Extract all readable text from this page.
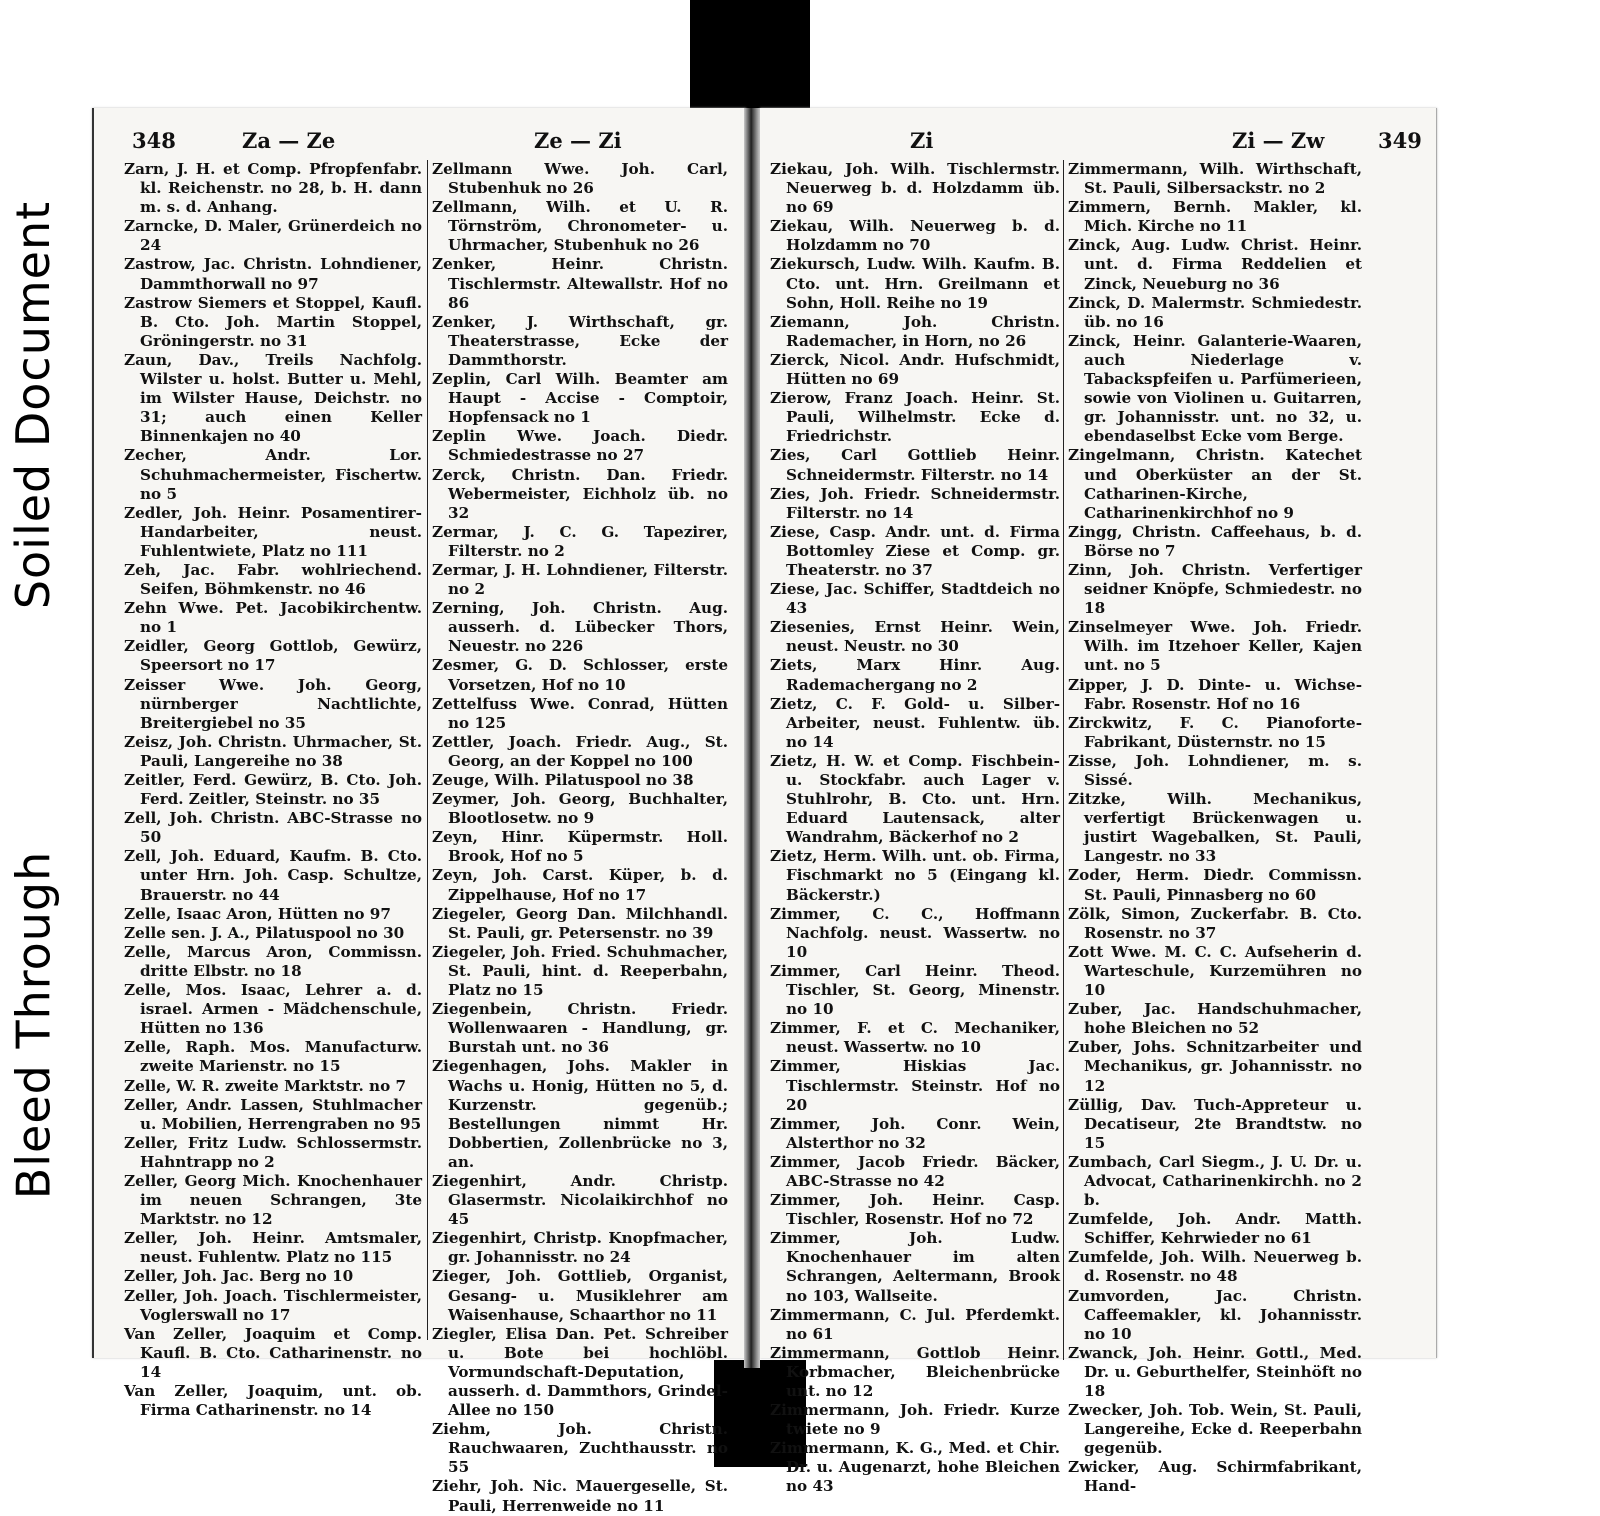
Soiled Document
Bleed Through
348	Za — Ze	Ze — Zi
Zarn, J. H. et Comp. Pfropfenfabr. kl. Reichenstr. no 28, b. H. dann m. s. d. Anhang.
Zarncke, D. Maler, Grünerdeich no 24
Zastrow, Jac. Christn. Lohndiener, Dammthorwall no 97
Zastrow Siemers et Stoppel, Kaufl. B. Cto. Joh. Martin Stoppel, Gröningerstr. no 31
Zaun, Dav., Treils Nachfolg. Wilster u. holst. Butter u. Mehl, im Wilster Hause, Deichstr. no 31; auch einen Keller Binnenkajen no 40
Zecher, Andr. Lor. Schuhmachermeister, Fischertw. no 5
Zedler, Joh. Heinr. Posamentirer-Handarbeiter, neust. Fuhlentwiete, Platz no 111
Zeh, Jac. Fabr. wohlriechend. Seifen, Böhmkenstr. no 46
Zehn Wwe. Pet. Jacobikirchentw. no 1
Zeidler, Georg Gottlob, Gewürz, Speersort no 17
Zeisser Wwe. Joh. Georg, nürnberger Nachtlichte, Breitergiebel no 35
Zeisz, Joh. Christn. Uhrmacher, St. Pauli, Langereihe no 38
Zeitler, Ferd. Gewürz, B. Cto. Joh. Ferd. Zeitler, Steinstr. no 35
Zell, Joh. Christn. ABC-Strasse no 50
Zell, Joh. Eduard, Kaufm. B. Cto. unter Hrn. Joh. Casp. Schultze, Brauerstr. no 44
Zelle, Isaac Aron, Hütten no 97
Zelle sen. J. A., Pilatuspool no 30
Zelle, Marcus Aron, Commissn. dritte Elbstr. no 18
Zelle, Mos. Isaac, Lehrer a. d. israel. Armen - Mädchenschule, Hütten no 136
Zelle, Raph. Mos. Manufacturw. zweite Marienstr. no 15
Zelle, W. R. zweite Marktstr. no 7
Zeller, Andr. Lassen, Stuhlmacher u. Mobilien, Herrengraben no 95
Zeller, Fritz Ludw. Schlossermstr. Hahntrapp no 2
Zeller, Georg Mich. Knochenhauer im neuen Schrangen, 3te Marktstr. no 12
Zeller, Joh. Heinr. Amtsmaler, neust. Fuhlentw. Platz no 115
Zeller, Joh. Jac. Berg no 10
Zeller, Joh. Joach. Tischlermeister, Voglerswall no 17
Van Zeller, Joaquim et Comp. Kaufl. B. Cto. Catharinenstr. no 14
Van Zeller, Joaquim, unt. ob. Firma Catharinenstr. no 14
Zellmann Wwe. Joh. Carl, Stubenhuk no 26
Zellmann, Wilh. et U. R. Törnström, Chronometer- u. Uhrmacher, Stubenhuk no 26
Zenker, Heinr. Christn. Tischlermstr. Altewallstr. Hof no 86
Zenker, J. Wirthschaft, gr. Theaterstrasse, Ecke der Dammthorstr.
Zeplin, Carl Wilh. Beamter am Haupt - Accise - Comptoir, Hopfensack no 1
Zeplin Wwe. Joach. Diedr. Schmiedestrasse no 27
Zerck, Christn. Dan. Friedr. Webermeister, Eichholz üb. no 32
Zermar, J. C. G. Tapezirer, Filterstr. no 2
Zermar, J. H. Lohndiener, Filterstr. no 2
Zerning, Joh. Christn. Aug. ausserh. d. Lübecker Thors, Neuestr. no 226
Zesmer, G. D. Schlosser, erste Vorsetzen, Hof no 10
Zettelfuss Wwe. Conrad, Hütten no 125
Zettler, Joach. Friedr. Aug., St. Georg, an der Koppel no 100
Zeuge, Wilh. Pilatuspool no 38
Zeymer, Joh. Georg, Buchhalter, Blootlosetw. no 9
Zeyn, Hinr. Küpermstr. Holl. Brook, Hof no 5
Zeyn, Joh. Carst. Küper, b. d. Zippelhause, Hof no 17
Ziegeler, Georg Dan. Milchhandl. St. Pauli, gr. Petersenstr. no 39
Ziegeler, Joh. Fried. Schuhmacher, St. Pauli, hint. d. Reeperbahn, Platz no 15
Ziegenbein, Christn. Friedr. Wollenwaaren - Handlung, gr. Burstah unt. no 36
Ziegenhagen, Johs. Makler in Wachs u. Honig, Hütten no 5, d. Kurzenstr. gegenüb.; Bestellungen nimmt Hr. Dobbertien, Zollenbrücke no 3, an.
Ziegenhirt, Andr. Christp. Glasermstr. Nicolaikirchhof no 45
Ziegenhirt, Christp. Knopfmacher, gr. Johannisstr. no 24
Zieger, Joh. Gottlieb, Organist, Gesang- u. Musiklehrer am Waisenhause, Schaarthor no 11
Ziegler, Elisa Dan. Pet. Schreiber u. Bote bei hochlöbl. Vormundschaft-Deputation, ausserh. d. Dammthors, Grindel-Allee no 150
Ziehm, Joh. Christn. Rauchwaaren, Zuchthausstr. no 55
Ziehr, Joh. Nic. Mauergeselle, St. Pauli, Herrenweide no 11
Zi	Zi — Zw	349
Ziekau, Joh. Wilh. Tischlermstr. Neuerweg b. d. Holzdamm üb. no 69
Ziekau, Wilh. Neuerweg b. d. Holzdamm no 70
Ziekursch, Ludw. Wilh. Kaufm. B. Cto. unt. Hrn. Greilmann et Sohn, Holl. Reihe no 19
Ziemann, Joh. Christn. Rademacher, in Horn, no 26
Zierck, Nicol. Andr. Hufschmidt, Hütten no 69
Zierow, Franz Joach. Heinr. St. Pauli, Wilhelmstr. Ecke d. Friedrichstr.
Zies, Carl Gottlieb Heinr. Schneidermstr. Filterstr. no 14
Zies, Joh. Friedr. Schneidermstr. Filterstr. no 14
Ziese, Casp. Andr. unt. d. Firma Bottomley Ziese et Comp. gr. Theaterstr. no 37
Ziese, Jac. Schiffer, Stadtdeich no 43
Ziesenies, Ernst Heinr. Wein, neust. Neustr. no 30
Ziets, Marx Hinr. Aug. Rademachergang no 2
Zietz, C. F. Gold- u. Silber-Arbeiter, neust. Fuhlentw. üb. no 14
Zietz, H. W. et Comp. Fischbein- u. Stockfabr. auch Lager v. Stuhlrohr, B. Cto. unt. Hrn. Eduard Lautensack, alter Wandrahm, Bäckerhof no 2
Zietz, Herm. Wilh. unt. ob. Firma, Fischmarkt no 5 (Eingang kl. Bäckerstr.)
Zimmer, C. C., Hoffmann Nachfolg. neust. Wassertw. no 10
Zimmer, Carl Heinr. Theod. Tischler, St. Georg, Minenstr. no 10
Zimmer, F. et C. Mechaniker, neust. Wassertw. no 10
Zimmer, Hiskias Jac. Tischlermstr. Steinstr. Hof no 20
Zimmer, Joh. Conr. Wein, Alsterthor no 32
Zimmer, Jacob Friedr. Bäcker, ABC-Strasse no 42
Zimmer, Joh. Heinr. Casp. Tischler, Rosenstr. Hof no 72
Zimmer, Joh. Ludw. Knochenhauer im alten Schrangen, Aeltermann, Brook no 103, Wallseite.
Zimmermann, C. Jul. Pferdemkt. no 61
Zimmermann, Gottlob Heinr. Korbmacher, Bleichenbrücke unt. no 12
Zimmermann, Joh. Friedr. Kurze twiete no 9
Zimmermann, K. G., Med. et Chir. Dr. u. Augenarzt, hohe Bleichen no 43
Zimmermann, Wilh. Wirthschaft, St. Pauli, Silbersackstr. no 2
Zimmern, Bernh. Makler, kl. Mich. Kirche no 11
Zinck, Aug. Ludw. Christ. Heinr. unt. d. Firma Reddelien et Zinck, Neueburg no 36
Zinck, D. Malermstr. Schmiedestr. üb. no 16
Zinck, Heinr. Galanterie-Waaren, auch Niederlage v. Tabackspfeifen u. Parfümerieen, sowie von Violinen u. Guitarren, gr. Johannisstr. unt. no 32, u. ebendaselbst Ecke vom Berge.
Zingelmann, Christn. Katechet und Oberküster an der St. Catharinen-Kirche, Catharinenkirchhof no 9
Zingg, Christn. Caffeehaus, b. d. Börse no 7
Zinn, Joh. Christn. Verfertiger seidner Knöpfe, Schmiedestr. no 18
Zinselmeyer Wwe. Joh. Friedr. Wilh. im Itzehoer Keller, Kajen unt. no 5
Zipper, J. D. Dinte- u. Wichse-Fabr. Rosenstr. Hof no 16
Zirckwitz, F. C. Pianoforte-Fabrikant, Düsternstr. no 15
Zisse, Joh. Lohndiener, m. s. Sissé.
Zitzke, Wilh. Mechanikus, verfertigt Brückenwagen u. justirt Wagebalken, St. Pauli, Langestr. no 33
Zoder, Herm. Diedr. Commissn. St. Pauli, Pinnasberg no 60
Zölk, Simon, Zuckerfabr. B. Cto. Rosenstr. no 37
Zott Wwe. M. C. C. Aufseherin d. Warteschule, Kurzemühren no 10
Zuber, Jac. Handschuhmacher, hohe Bleichen no 52
Zuber, Johs. Schnitzarbeiter und Mechanikus, gr. Johannisstr. no 12
Züllig, Dav. Tuch-Appreteur u. Decatiseur, 2te Brandtstw. no 15
Zumbach, Carl Siegm., J. U. Dr. u. Advocat, Catharinenkirchh. no 2 b.
Zumfelde, Joh. Andr. Matth. Schiffer, Kehrwieder no 61
Zumfelde, Joh. Wilh. Neuerweg b. d. Rosenstr. no 48
Zumvorden, Jac. Christn. Caffeemakler, kl. Johannisstr. no 10
Zwanck, Joh. Heinr. Gottl., Med. Dr. u. Geburthelfer, Steinhöft no 18
Zwecker, Joh. Tob. Wein, St. Pauli, Langereihe, Ecke d. Reeperbahn gegenüb.
Zwicker, Aug. Schirmfabrikant, Hand-
